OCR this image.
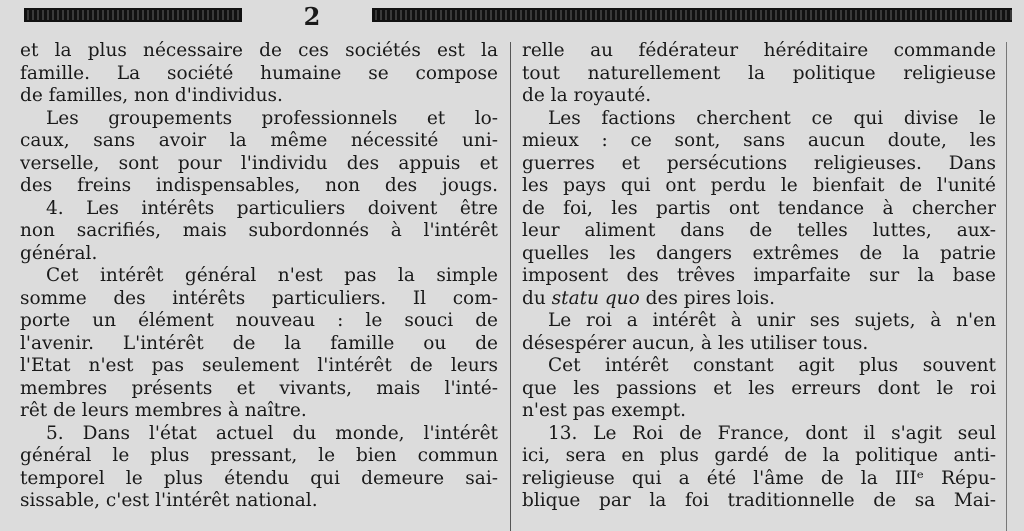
2
et la plus nécessaire de ces sociétés est la
famille. La société humaine se compose
de familles, non d'individus.
Les groupements professionnels et lo-
caux, sans avoir la même nécessité uni-
verselle, sont pour l'individu des appuis et
des freins indispensables, non des jougs.
4. Les intérêts particuliers doivent être
non sacrifiés, mais subordonnés à l'intérêt
général.
Cet intérêt général n'est pas la simple
somme des intérêts particuliers. Il com-
porte un élément nouveau : le souci de
l'avenir. L'intérêt de la famille ou de
l'Etat n'est pas seulement l'intérêt de leurs
membres présents et vivants, mais l'inté-
rêt de leurs membres à naître.
5. Dans l'état actuel du monde, l'intérêt
général le plus pressant, le bien commun
temporel le plus étendu qui demeure sai-
sissable, c'est l'intérêt national.
relle au fédérateur héréditaire commande
tout naturellement la politique religieuse
de la royauté.
Les factions cherchent ce qui divise le
mieux : ce sont, sans aucun doute, les
guerres et persécutions religieuses. Dans
les pays qui ont perdu le bienfait de l'unité
de foi, les partis ont tendance à chercher
leur aliment dans de telles luttes, aux-
quelles les dangers extrêmes de la patrie
imposent des trêves imparfaite sur la base
du statu quo des pires lois.
Le roi a intérêt à unir ses sujets, à n'en
désespérer aucun, à les utiliser tous.
Cet intérêt constant agit plus souvent
que les passions et les erreurs dont le roi
n'est pas exempt.
13. Le Roi de France, dont il s'agit seul
ici, sera en plus gardé de la politique anti-
religieuse qui a été l'âme de la IIIᵉ Répu-
blique par la foi traditionnelle de sa Mai-
